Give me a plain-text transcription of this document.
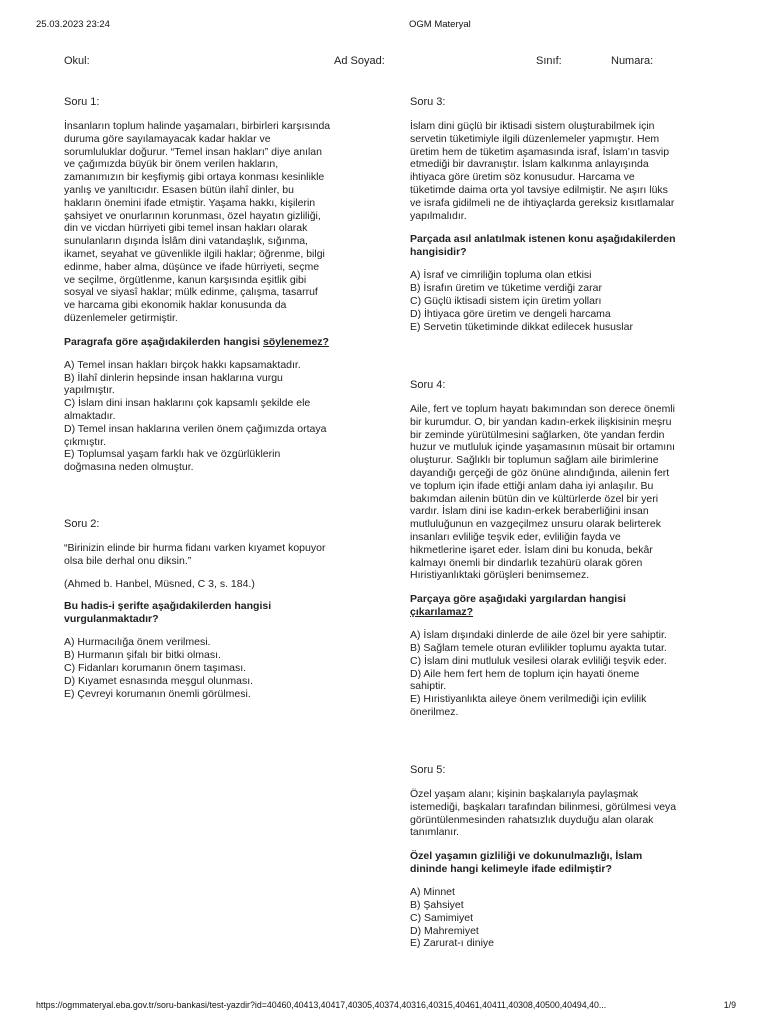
25.03.2023 23:24	OGM Materyal
Okul:	Ad Soyad:	Sınıf:	Numara:
Soru 1:
İnsanların toplum halinde yaşamaları, birbirleri karşısında
duruma göre sayılamayacak kadar haklar ve
sorumluluklar doğurur. “Temel insan hakları” diye anılan
ve çağımızda büyük bir önem verilen hakların,
zamanımızın bir keşfiymiş gibi ortaya konması kesinlikle
yanlış ve yanıltıcıdır. Esasen bütün ilahî dinler, bu
hakların önemini ifade etmiştir. Yaşama hakkı, kişilerin
şahsiyet ve onurlarının korunması, özel hayatın gizliliği,
din ve vicdan hürriyeti gibi temel insan hakları olarak
sunulanların dışında İslâm dini vatandaşlık, sığınma,
ikamet, seyahat ve güvenlikle ilgili haklar; öğrenme, bilgi
edinme, haber alma, düşünce ve ifade hürriyeti, seçme
ve seçilme, örgütlenme, kanun karşısında eşitlik gibi
sosyal ve siyasî haklar; mülk edinme, çalışma, tasarruf
ve harcama gibi ekonomik haklar konusunda da
düzenlemeler getirmiştir.
Paragrafa göre aşağıdakilerden hangisi söylenemez?
A) Temel insan hakları birçok hakkı kapsamaktadır.
B) İlahî dinlerin hepsinde insan haklarına vurgu
yapılmıştır.
C) İslam dini insan haklarını çok kapsamlı şekilde ele
almaktadır.
D) Temel insan haklarına verilen önem çağımızda ortaya
çıkmıştır.
E) Toplumsal yaşam farklı hak ve özgürlüklerin
doğmasına neden olmuştur.
Soru 2:
“Birinizin elinde bir hurma fidanı varken kıyamet kopuyor
olsa bile derhal onu diksin.”
(Ahmed b. Hanbel, Müsned, C 3, s. 184.)
Bu hadis-i şerifte aşağıdakilerden hangisi
vurgulanmaktadır?
A) Hurmacılığa önem verilmesi.
B) Hurmanın şifalı bir bitki olması.
C) Fidanları korumanın önem taşıması.
D) Kıyamet esnasında meşgul olunması.
E) Çevreyi korumanın önemli görülmesi.
Soru 3:
İslam dini güçlü bir iktisadi sistem oluşturabilmek için
servetin tüketimiyle ilgili düzenlemeler yapmıştır. Hem
üretim hem de tüketim aşamasında israf, İslam’ın tasvip
etmediği bir davranıştır. İslam kalkınma anlayışında
ihtiyaca göre üretim söz konusudur. Harcama ve
tüketimde daima orta yol tavsiye edilmiştir. Ne aşırı lüks
ve israfa gidilmeli ne de ihtiyaçlarda gereksiz kısıtlamalar
yapılmalıdır.
Parçada asıl anlatılmak istenen konu aşağıdakilerden
hangisidir?
A) İsraf ve cimriliğin topluma olan etkisi
B) İsrafın üretim ve tüketime verdiği zarar
C) Güçlü iktisadi sistem için üretim yolları
D) İhtiyaca göre üretim ve dengeli harcama
E) Servetin tüketiminde dikkat edilecek hususlar
Soru 4:
Aile, fert ve toplum hayatı bakımından son derece önemli
bir kurumdur. O, bir yandan kadın-erkek ilişkisinin meşru
bir zeminde yürütülmesini sağlarken, öte yandan ferdin
huzur ve mutluluk içinde yaşamasının müsait bir ortamını
oluşturur. Sağlıklı bir toplumun sağlam aile birimlerine
dayandığı gerçeği de göz önüne alındığında, ailenin fert
ve toplum için ifade ettiği anlam daha iyi anlaşılır. Bu
bakımdan ailenin bütün din ve kültürlerde özel bir yeri
vardır. İslam dini ise kadın-erkek beraberliğini insan
mutluluğunun en vazgeçilmez unsuru olarak belirterek
insanları evliliğe teşvik eder, evliliğin fayda ve
hikmetlerine işaret eder. İslam dini bu konuda, bekâr
kalmayı önemli bir dindarlık tezahürü olarak gören
Hıristiyanlıktaki görüşleri benimsemez.
Parçaya göre aşağıdaki yargılardan hangisi
çıkarılamaz?
A) İslam dışındaki dinlerde de aile özel bir yere sahiptir.
B) Sağlam temele oturan evlilikler toplumu ayakta tutar.
C) İslam dini mutluluk vesilesi olarak evliliği teşvik eder.
D) Aile hem fert hem de toplum için hayati öneme
sahiptir.
E) Hıristiyanlıkta aileye önem verilmediği için evlilik
önerilmez.
Soru 5:
Özel yaşam alanı; kişinin başkalarıyla paylaşmak
istemediği, başkaları tarafından bilinmesi, görülmesi veya
görüntülenmesinden rahatsızlık duyduğu alan olarak
tanımlanır.
Özel yaşamın gizliliği ve dokunulmazlığı, İslam
dininde hangi kelimeyle ifade edilmiştir?
A) Minnet
B) Şahsiyet
C) Samimiyet
D) Mahremiyet
E) Zarurat-ı diniye
https://ogmmateryal.eba.gov.tr/soru-bankasi/test-yazdir?id=40460,40413,40417,40305,40374,40316,40315,40461,40411,40308,40500,40494,40...	1/9
